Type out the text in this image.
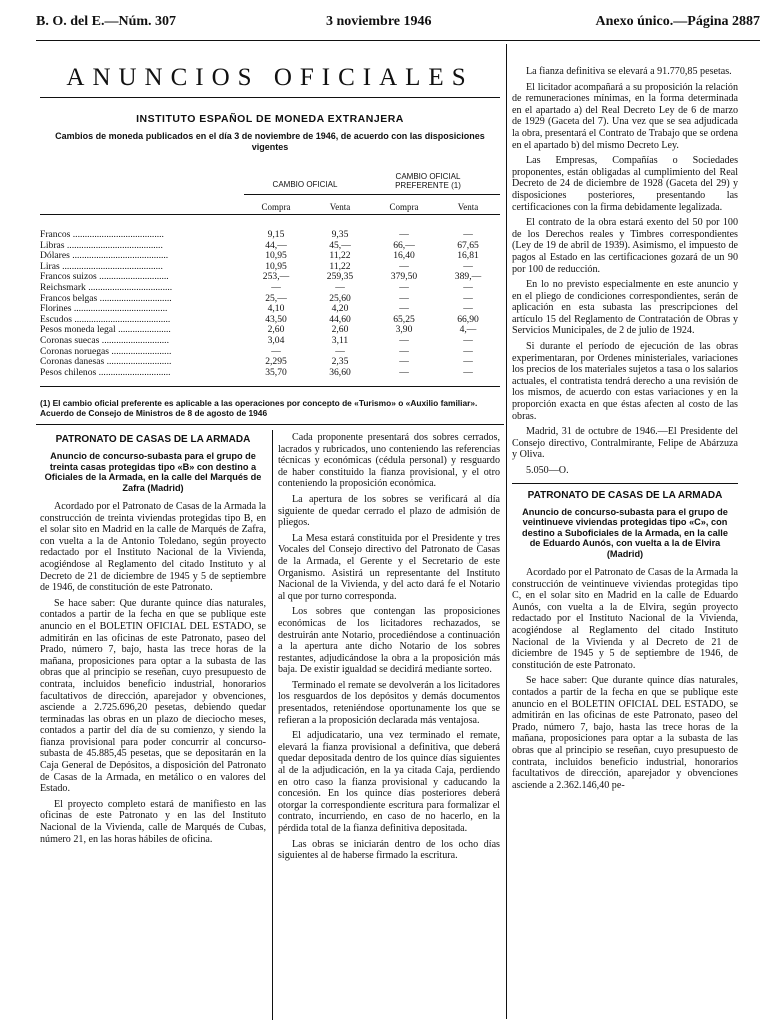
B. O. del E.—Núm. 307	3 noviembre 1946	Anexo único.—Página 2887
ANUNCIOS OFICIALES
INSTITUTO ESPAÑOL DE MONEDA EXTRANJERA
Cambios de moneda publicados en el día 3 de noviembre de 1946, de acuerdo con las disposiciones vigentes
CAMBIO OFICIAL
CAMBIO OFICIAL PREFERENTE (1)
Compra	Venta	Compra	Venta
Francos ......................................	9,15	9,35	—	—
Libras ........................................	44,—	45,—	66,—	67,65
Dólares ........................................	10,95	11,22	16,40	16,81
Liras ..........................................	10,95	11,22	—	—
Francos suizos .............................	253,—	259,35	379,50	389,—
Reichsmark ...................................	—	—	—	—
Francos belgas ..............................	25,—	25,60	—	—
Florines .......................................	4,10	4,20	—	—
Escudos ........................................	43,50	44,60	65,25	66,90
Pesos moneda legal ......................	2,60	2,60	3,90	4,—
Coronas suecas ............................	3,04	3,11	—	—
Coronas noruegas .........................	—	—	—	—
Coronas danesas ...........................	2,295	2,35	—	—
Pesos chilenos ..............................	35,70	36,60	—	—
(1) El cambio oficial preferente es aplicable a las operaciones por concepto de «Turismo» o «Auxilio familiar». Acuerdo de Consejo de Ministros de 8 de agosto de 1946
PATRONATO DE CASAS DE LA ARMADA
Anuncio de concurso-subasta para el grupo de treinta casas protegidas tipo «B» con destino a Oficiales de la Armada, en la calle del Marqués de Zafra (Madrid)

Acordado por el Patronato de Casas de la Armada la construcción de treinta viviendas protegidas tipo B, en el solar sito en Madrid en la calle de Marqués de Zafra, con vuelta a la de Antonio Toledano, según proyecto redactado por el Instituto Nacional de la Vivienda, acogiéndose al Reglamento del citado Instituto y al Decreto de 21 de diciembre de 1945 y 5 de septiembre de 1946, de constitución de este Patronato.

Se hace saber: Que durante quince días naturales, contados a partir de la fecha en que se publique este anuncio en el BOLETIN OFICIAL DEL ESTADO, se admitirán en las oficinas de este Patronato, paseo del Prado, número 7, bajo, hasta las trece horas de la mañana, proposiciones para optar a la subasta de las obras que al principio se reseñan, cuyo presupuesto de contrata, incluidos beneficio industrial, honorarios facultativos de dirección, aparejador y obvenciones, asciende a 2.725.696,20 pesetas, debiendo quedar terminadas las obras en un plazo de dieciocho meses, contados a partir del día de su comienzo, y siendo la fianza provisional para poder concurrir al concurso-subasta de 45.885,45 pesetas, que se depositarán en la Caja General de Depósitos, a disposición del Patronato de Casas de la Armada, en metálico o en valores del Estado.

El proyecto completo estará de manifiesto en las oficinas de este Patronato y en las del Instituto Nacional de la Vivienda, calle de Marqués de Cubas, número 21, en las horas hábiles de oficina.

Cada proponente presentará dos sobres cerrados, lacrados y rubricados, uno conteniendo las referencias técnicas y económicas (cédula personal) y resguardo de haber constituido la fianza provisional, y el otro conteniendo la proposición económica.

La apertura de los sobres se verificará al día siguiente de quedar cerrado el plazo de admisión de pliegos.

La Mesa estará constituida por el Presidente y tres Vocales del Consejo directivo del Patronato de Casas de la Armada, el Gerente y el Secretario de este Organismo. Asistirá un representante del Instituto Nacional de la Vivienda, y del acto dará fe el Notario al que por turno corresponda.

Los sobres que contengan las proposiciones económicas de los licitadores rechazados, se destruirán ante Notario, procediéndose a continuación a la apertura ante dicho Notario de los sobres restantes, adjudicándose la obra a la proposición más baja. De existir igualdad se decidirá mediante sorteo.

Terminado el remate se devolverán a los licitadores los resguardos de los depósitos y demás documentos presentados, reteniéndose oportunamente los que se refieran a la proposición declarada más ventajosa.

El adjudicatario, una vez terminado el remate, elevará la fianza provisional a definitiva, que deberá quedar depositada dentro de los quince días siguientes al de la adjudicación, en la ya citada Caja, perdiendo en otro caso la fianza provisional y caducando la concesión. En los quince días posteriores deberá otorgar la correspondiente escritura para formalizar el contrato, incurriendo, en caso de no hacerlo, en la pérdida total de la fianza definitiva depositada.

Las obras se iniciarán dentro de los ocho días siguientes al de haberse firmado la escritura.

La fianza definitiva se elevará a 91.770,85 pesetas.

El licitador acompañará a su proposición la relación de remuneraciones mínimas, en la forma determinada en el apartado a) del Real Decreto Ley de 6 de marzo de 1929 (Gaceta del 7). Una vez que se sea adjudicada la obra, presentará el Contrato de Trabajo que se ordena en el apartado b) del mismo Decreto Ley.

Las Empresas, Compañías o Sociedades proponentes, están obligadas al cumplimiento del Real Decreto de 24 de diciembre de 1928 (Gaceta del 29) y disposiciones posteriores, presentando las certificaciones con la firma debidamente legalizada.

El contrato de la obra estará exento del 50 por 100 de los Derechos reales y Timbres correspondientes (Ley de 19 de abril de 1939). Asimismo, el impuesto de pagos al Estado en las certificaciones gozará de un 90 por 100 de reducción.

En lo no previsto especialmente en este anuncio y en el pliego de condiciones correspondientes, serán de aplicación en esta subasta las prescripciones del artículo 15 del Reglamento de Contratación de Obras y Servicios Municipales, de 2 de julio de 1924.

Si durante el período de ejecución de las obras experimentaran, por Ordenes ministeriales, variaciones los precios de los materiales sujetos a tasa o los salarios actuales, el contratista tendrá derecho a una revisión de los mismos, de acuerdo con estas variaciones y en la proporción exacta en que éstas afecten al costo de las obras.

Madrid, 31 de octubre de 1946.—El Presidente del Consejo directivo, Contralmirante, Felipe de Abárzuza y Oliva.

5.050—O.

PATRONATO DE CASAS DE LA ARMADA
Anuncio de concurso-subasta para el grupo de veintinueve viviendas protegidas tipo «C», con destino a Suboficiales de la Armada, en la calle de Eduardo Aunós, con vuelta a la de Elvira (Madrid)

Acordado por el Patronato de Casas de la Armada la construcción de veintinueve viviendas protegidas tipo C, en el solar sito en Madrid en la calle de Eduardo Aunós, con vuelta a la de Elvira, según proyecto redactado por el Instituto Nacional de la Vivienda, acogiéndose al Reglamento del citado Instituto Nacional de la Vivienda y al Decreto de 21 de diciembre de 1945 y 5 de septiembre de 1946, de constitución de este Patronato.

Se hace saber: Que durante quince días naturales, contados a partir de la fecha en que se publique este anuncio en el BOLETIN OFICIAL DEL ESTADO, se admitirán en las oficinas de este Patronato, paseo del Prado, número 7, bajo, hasta las trece horas de la mañana, proposiciones para optar a la subasta de las obras que al principio se reseñan, cuyo presupuesto de contrata, incluidos beneficio industrial, honorarios facultativos de dirección, aparejador y obvenciones asciende a 2.362.146,40 pe-
